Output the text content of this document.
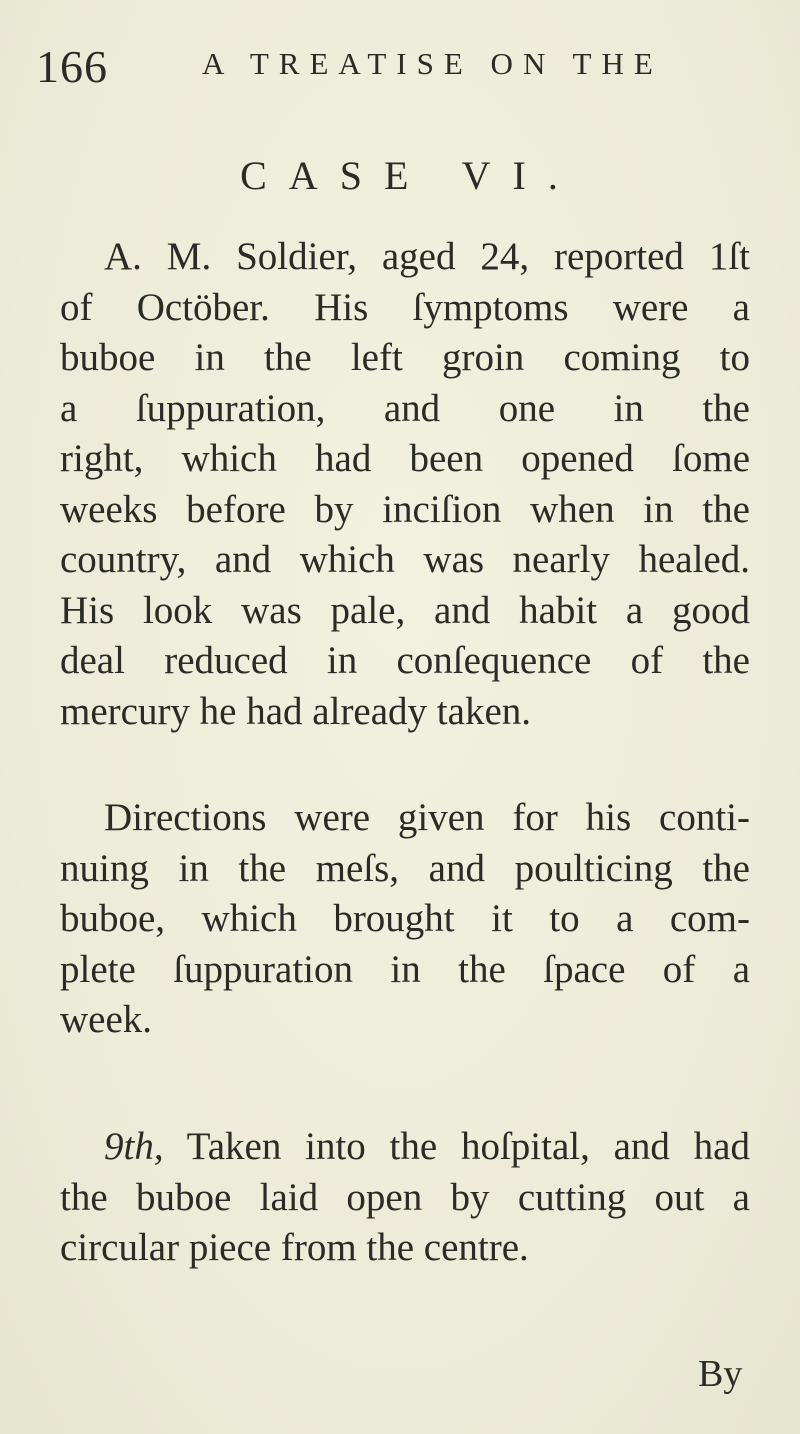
166	A TREATISE ON THE
CASE VI.
A. M. Soldier, aged 24, reported 1ſt
of Octöber. His ſymptoms were a
buboe in the left groin coming to
a ſuppuration, and one in the
right, which had been opened ſome
weeks before by inciſion when in the
country, and which was nearly healed.
His look was pale, and habit a good
deal reduced in conſequence of the
mercury he had already taken.
Directions were given for his conti-
nuing in the meſs, and poulticing the
buboe, which brought it to a com-
plete ſuppuration in the ſpace of a
week.
9th, Taken into the hoſpital, and had
the buboe laid open by cutting out a
circular piece from the centre.
By
